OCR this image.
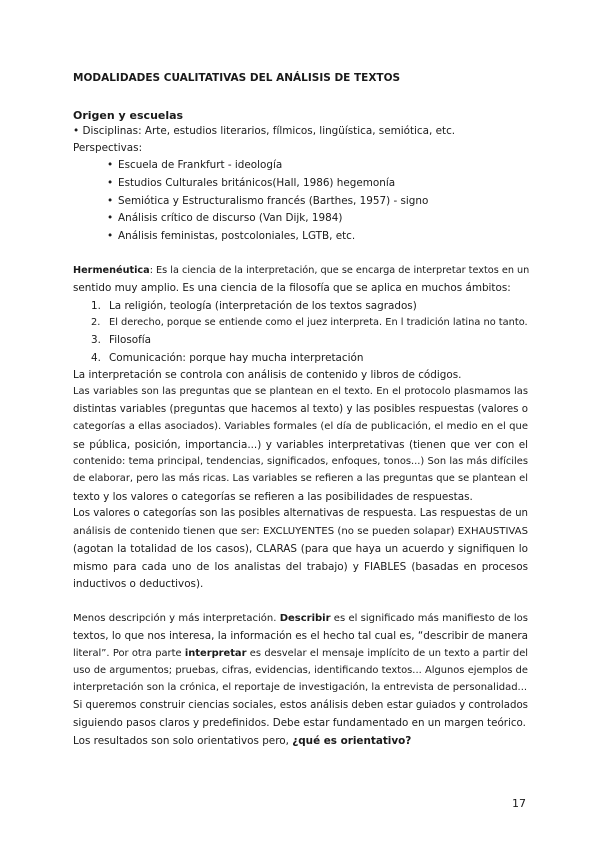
MODALIDADES CUALITATIVAS DEL ANÁLISIS DE TEXTOS
Origen y escuelas
• Disciplinas: Arte, estudios literarios, fílmicos, lingüística, semiótica, etc.
Perspectivas:
• Escuela de Frankfurt - ideología
• Estudios Culturales británicos(Hall, 1986) hegemonía
• Semiótica y Estructuralismo francés (Barthes, 1957) - signo
• Análisis crítico de discurso (Van Dijk, 1984)
• Análisis feministas, postcoloniales, LGTB, etc.
Hermenéutica: Es la ciencia de la interpretación, que se encarga de interpretar textos en un
sentido muy amplio. Es una ciencia de la filosofía que se aplica en muchos ámbitos:
1. La religión, teología (interpretación de los textos sagrados)
2. El derecho, porque se entiende como el juez interpreta. En l tradición latina no tanto.
3. Filosofía
4. Comunicación: porque hay mucha interpretación
La interpretación se controla con análisis de contenido y libros de códigos.
Las variables son las preguntas que se plantean en el texto. En el protocolo plasmamos las
distintas variables (preguntas que hacemos al texto) y las posibles respuestas (valores o
categorías a ellas asociados). Variables formales (el día de publicación, el medio en el que
se pública, posición, importancia...) y variables interpretativas (tienen que ver con el
contenido: tema principal, tendencias, significados, enfoques, tonos...) Son las más difíciles
de elaborar, pero las más ricas. Las variables se refieren a las preguntas que se plantean el
texto y los valores o categorías se refieren a las posibilidades de respuestas.
Los valores o categorías son las posibles alternativas de respuesta. Las respuestas de un
análisis de contenido tienen que ser: EXCLUYENTES (no se pueden solapar) EXHAUSTIVAS
(agotan la totalidad de los casos), CLARAS (para que haya un acuerdo y signifiquen lo
mismo para cada uno de los analistas del trabajo) y FIABLES (basadas en procesos
inductivos o deductivos).
Menos descripción y más interpretación. Describir es el significado más manifiesto de los
textos, lo que nos interesa, la información es el hecho tal cual es, “describir de manera
literal”. Por otra parte interpretar es desvelar el mensaje implícito de un texto a partir del
uso de argumentos; pruebas, cifras, evidencias, identificando textos... Algunos ejemplos de
interpretación son la crónica, el reportaje de investigación, la entrevista de personalidad...
Si queremos construir ciencias sociales, estos análisis deben estar guiados y controlados
siguiendo pasos claros y predefinidos. Debe estar fundamentado en un margen teórico.
Los resultados son solo orientativos pero, ¿qué es orientativo?
17
